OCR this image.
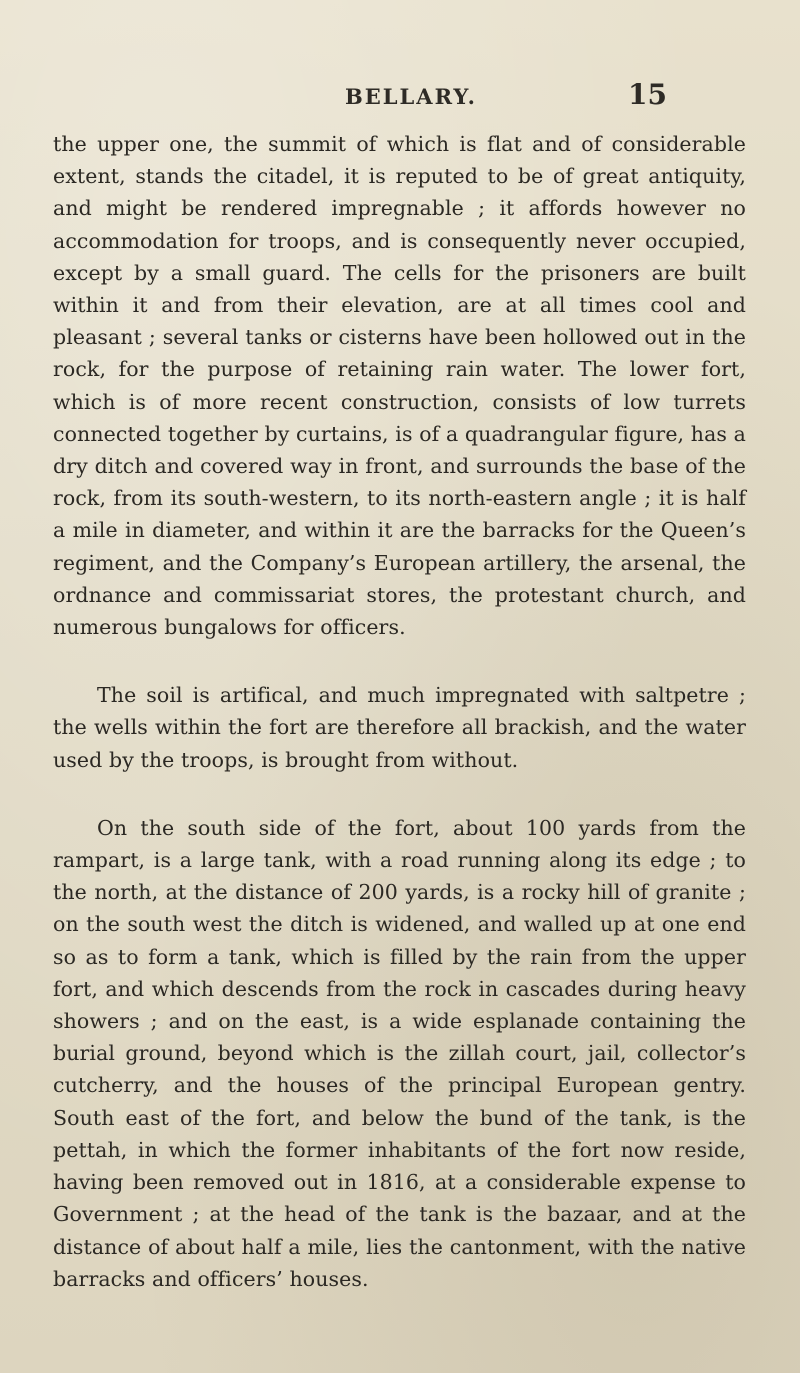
BELLARY.	15

the upper one, the summit of which is flat and of considerable extent, stands the citadel, it is reputed to be of great antiquity, and might be rendered impregnable ; it affords however no accommodation for troops, and is consequently never occupied, except by a small guard. The cells for the prisoners are built within it and from their elevation, are at all times cool and pleasant ; several tanks or cisterns have been hollowed out in the rock, for the purpose of retaining rain water. The lower fort, which is of more recent construction, consists of low turrets connected together by curtains, is of a quadrangular figure, has a dry ditch and covered way in front, and surrounds the base of the rock, from its south-western, to its north-eastern angle ; it is half a mile in diameter, and within it are the barracks for the Queen’s regiment, and the Company’s European artillery, the arsenal, the ordnance and commissariat stores, the protestant church, and numerous bungalows for officers.

The soil is artifical, and much impregnated with saltpetre ; the wells within the fort are therefore all brackish, and the water used by the troops, is brought from without.

On the south side of the fort, about 100 yards from the rampart, is a large tank, with a road running along its edge ; to the north, at the distance of 200 yards, is a rocky hill of granite ; on the south west the ditch is widened, and walled up at one end so as to form a tank, which is filled by the rain from the upper fort, and which descends from the rock in cascades during heavy showers ; and on the east, is a wide esplanade containing the burial ground, beyond which is the zillah court, jail, collector’s cutcherry, and the houses of the principal European gentry. South east of the fort, and below the bund of the tank, is the pettah, in which the former inhabitants of the fort now reside, having been removed out in 1816, at a considerable expense to Government ; at the head of the tank is the bazaar, and at the distance of about half a mile, lies the cantonment, with the native barracks and officers’ houses.
